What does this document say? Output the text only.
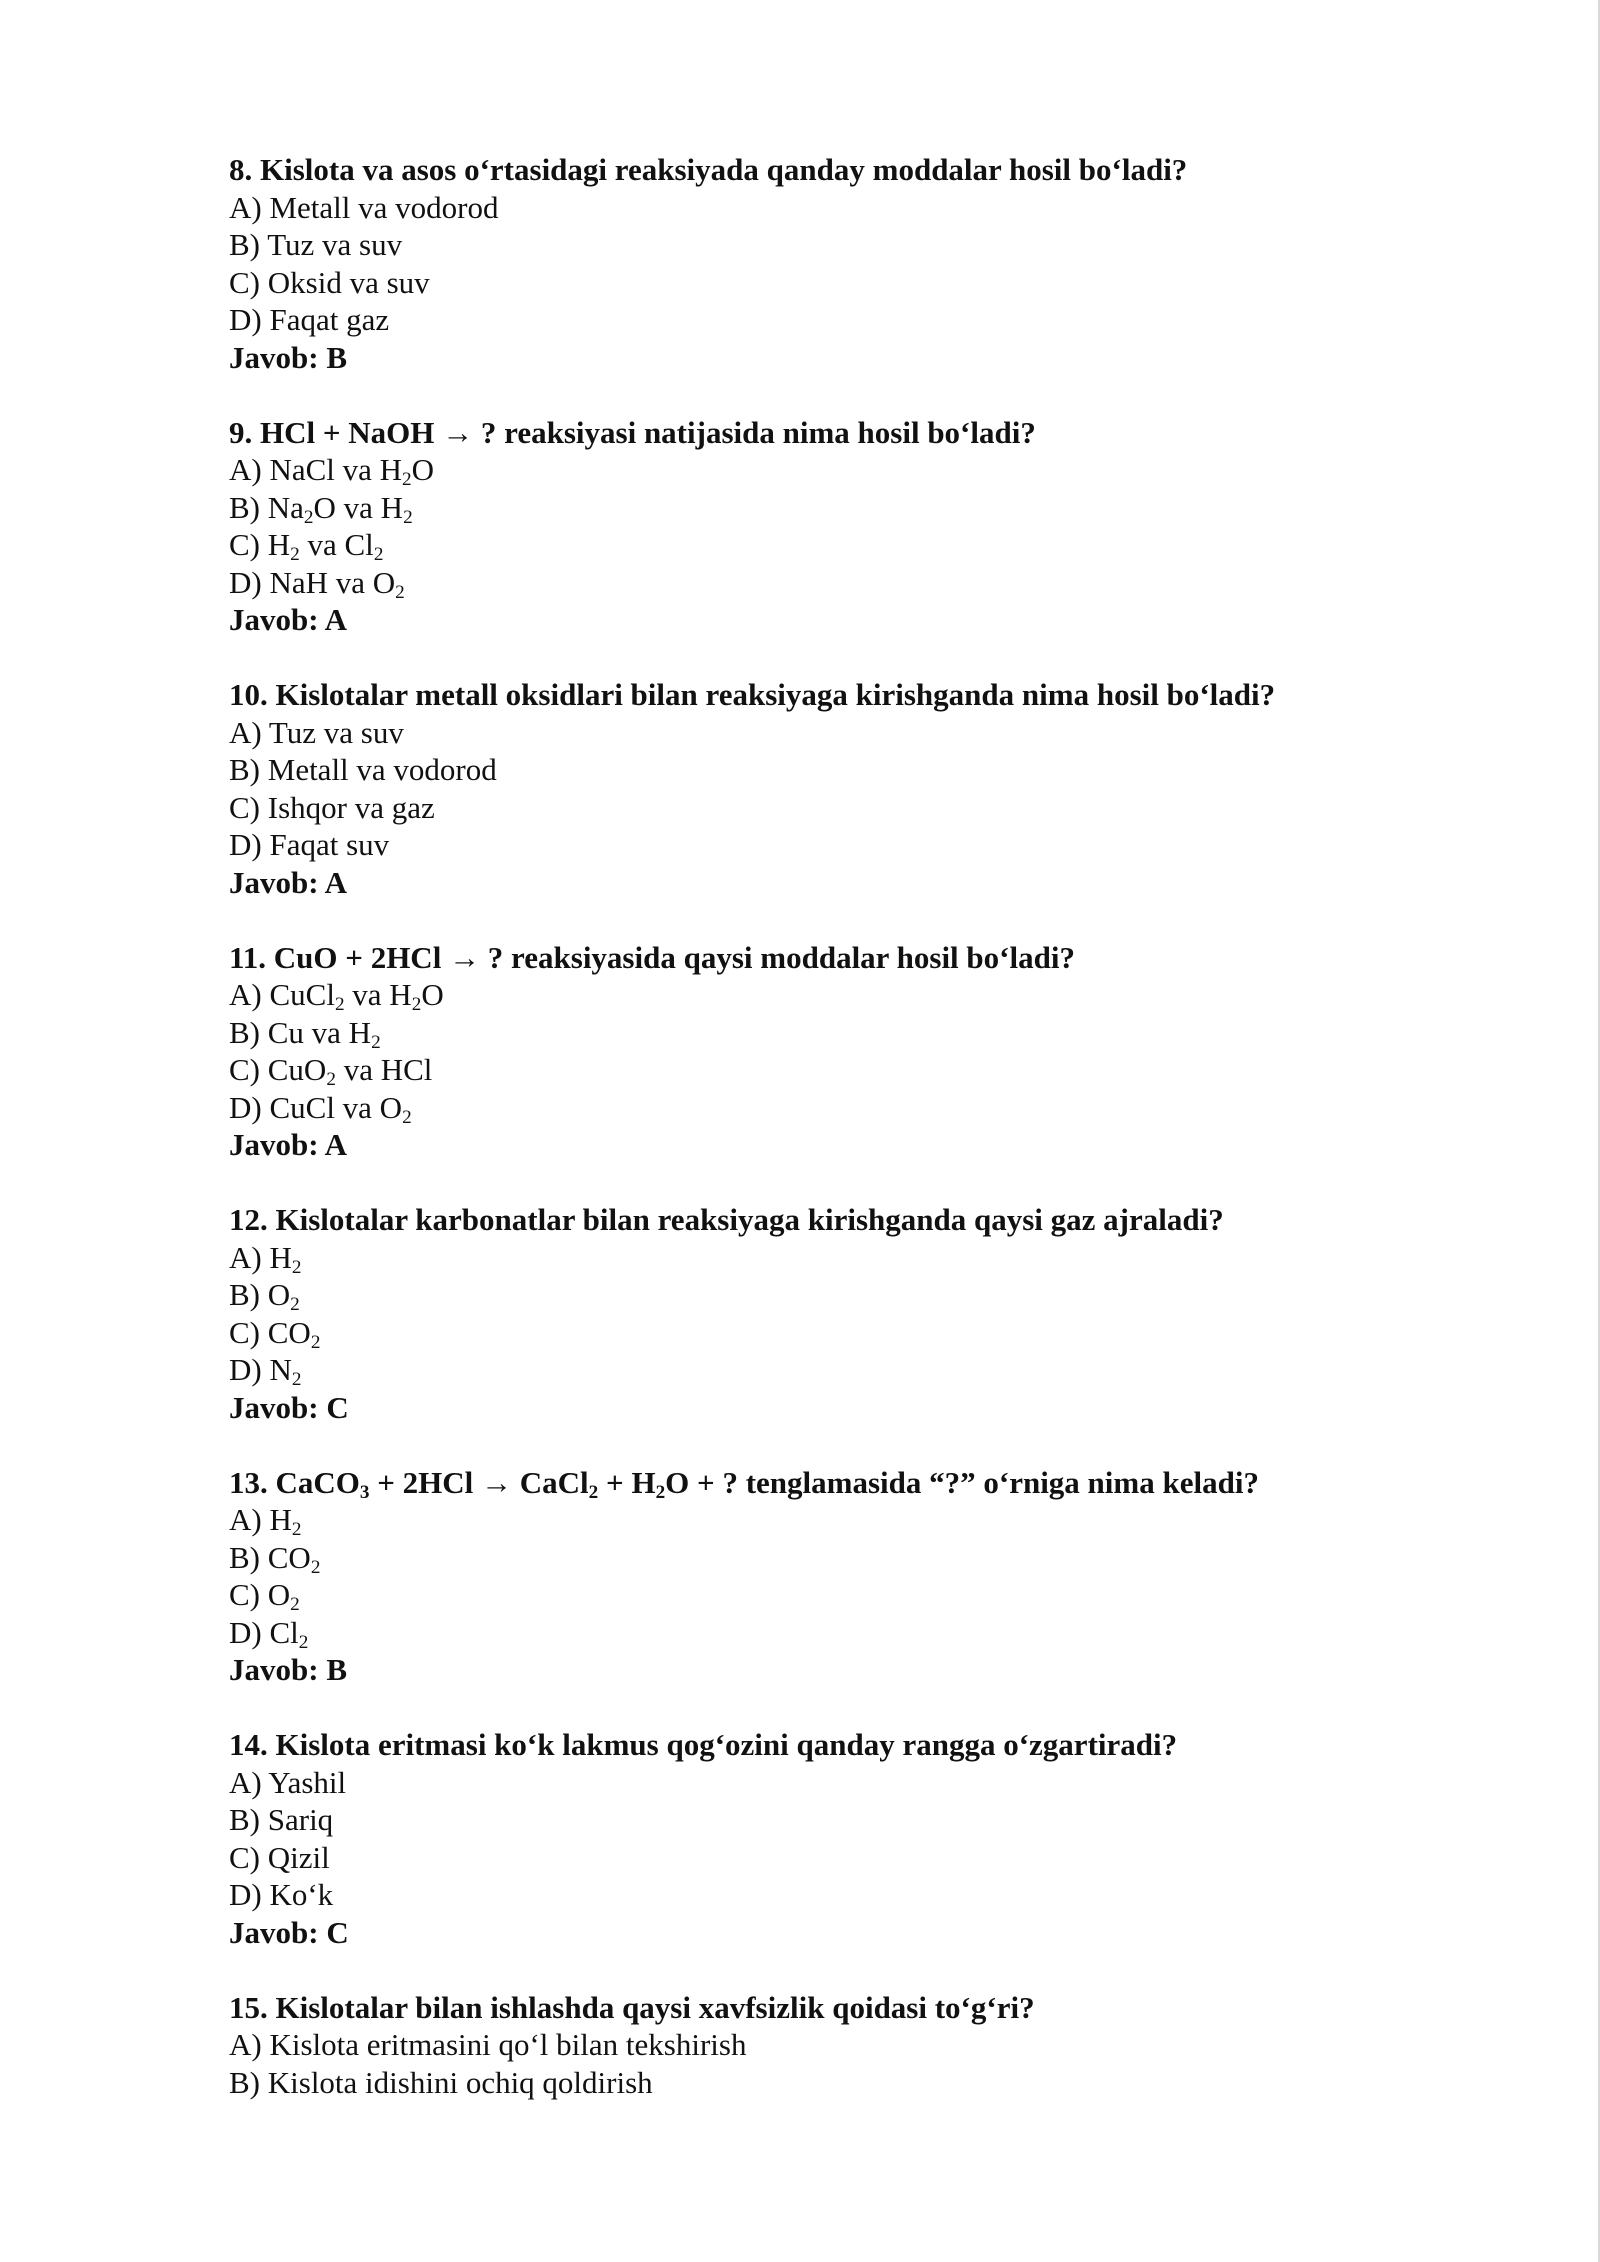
8. Kislota va asos o‘rtasidagi reaksiyada qanday moddalar hosil bo‘ladi?
A) Metall va vodorod
B) Tuz va suv
C) Oksid va suv
D) Faqat gaz
Javob: B
9. HCl + NaOH → ? reaksiyasi natijasida nima hosil bo‘ladi?
A) NaCl va $H_2O$
B) $Na_2O$ va $H_2$
C) $H_2$ va $Cl_2$
D) NaH va $O_2$
Javob: A
10. Kislotalar metall oksidlari bilan reaksiyaga kirishganda nima hosil bo‘ladi?
A) Tuz va suv
B) Metall va vodorod
C) Ishqor va gaz
D) Faqat suv
Javob: A
11. CuO + 2HCl → ? reaksiyasida qaysi moddalar hosil bo‘ladi?
A) CuCl$_2$ va $H_2O$
B) Cu va $H_2$
C) CuO$_2$ va HCl
D) CuCl va $O_2$
Javob: A
12. Kislotalar karbonatlar bilan reaksiyaga kirishganda qaysi gaz ajraladi?
A) $H_2$
B) $O_2$
C) $CO_2$
D) $N_2$
Javob: C
13. CaCO$_3$ + 2HCl → CaCl$_2$ + $H_2O$ + ? tenglamasida “?” o‘rniga nima keladi?
A) $H_2$
B) $CO_2$
C) $O_2$
D) $Cl_2$
Javob: B
14. Kislota eritmasi ko‘k lakmus qog‘ozini qanday rangga o‘zgartiradi?
A) Yashil
B) Sariq
C) Qizil
D) Ko‘k
Javob: C
15. Kislotalar bilan ishlashda qaysi xavfsizlik qoidasi to‘g‘ri?
A) Kislota eritmasini qo‘l bilan tekshirish
B) Kislota idishini ochiq qoldirish
